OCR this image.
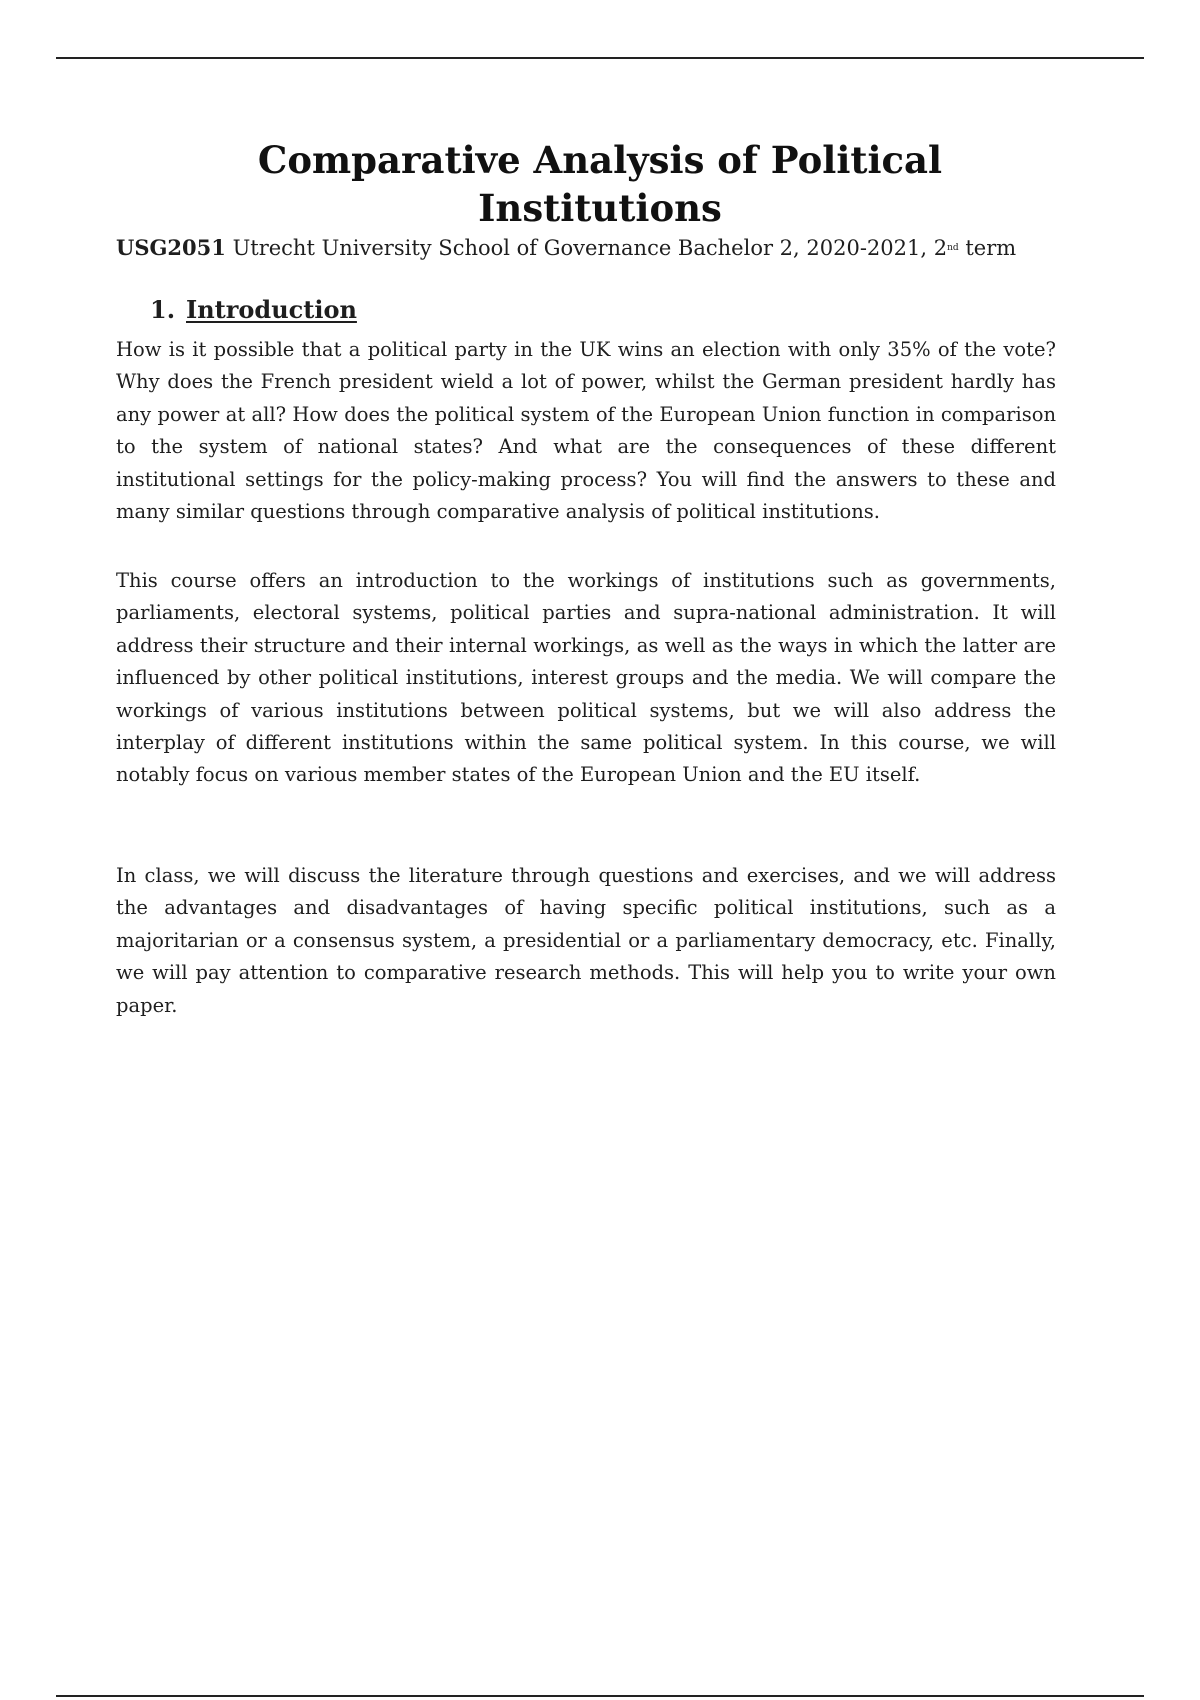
Comparative Analysis of Political
Institutions
USG2051 Utrecht University School of Governance Bachelor 2, 2020-2021, 2nd term
1. Introduction

How is it possible that a political party in the UK wins an election with only 35% of the vote? Why does the French president wield a lot of power, whilst the German president hardly has any power at all? How does the political system of the European Union function in comparison to the system of national states? And what are the consequences of these different institutional settings for the policy-making process? You will find the answers to these and many similar questions through comparative analysis of political institutions.

This course offers an introduction to the workings of institutions such as governments, parliaments, electoral systems, political parties and supra-national administration. It will address their structure and their internal workings, as well as the ways in which the latter are influenced by other political institutions, interest groups and the media. We will compare the workings of various institutions between political systems, but we will also address the interplay of different institutions within the same political system. In this course, we will notably focus on various member states of the European Union and the EU itself.

In class, we will discuss the literature through questions and exercises, and we will address the advantages and disadvantages of having specific political institutions, such as a majoritarian or a consensus system, a presidential or a parliamentary democracy, etc. Finally, we will pay attention to comparative research methods. This will help you to write your own paper.
